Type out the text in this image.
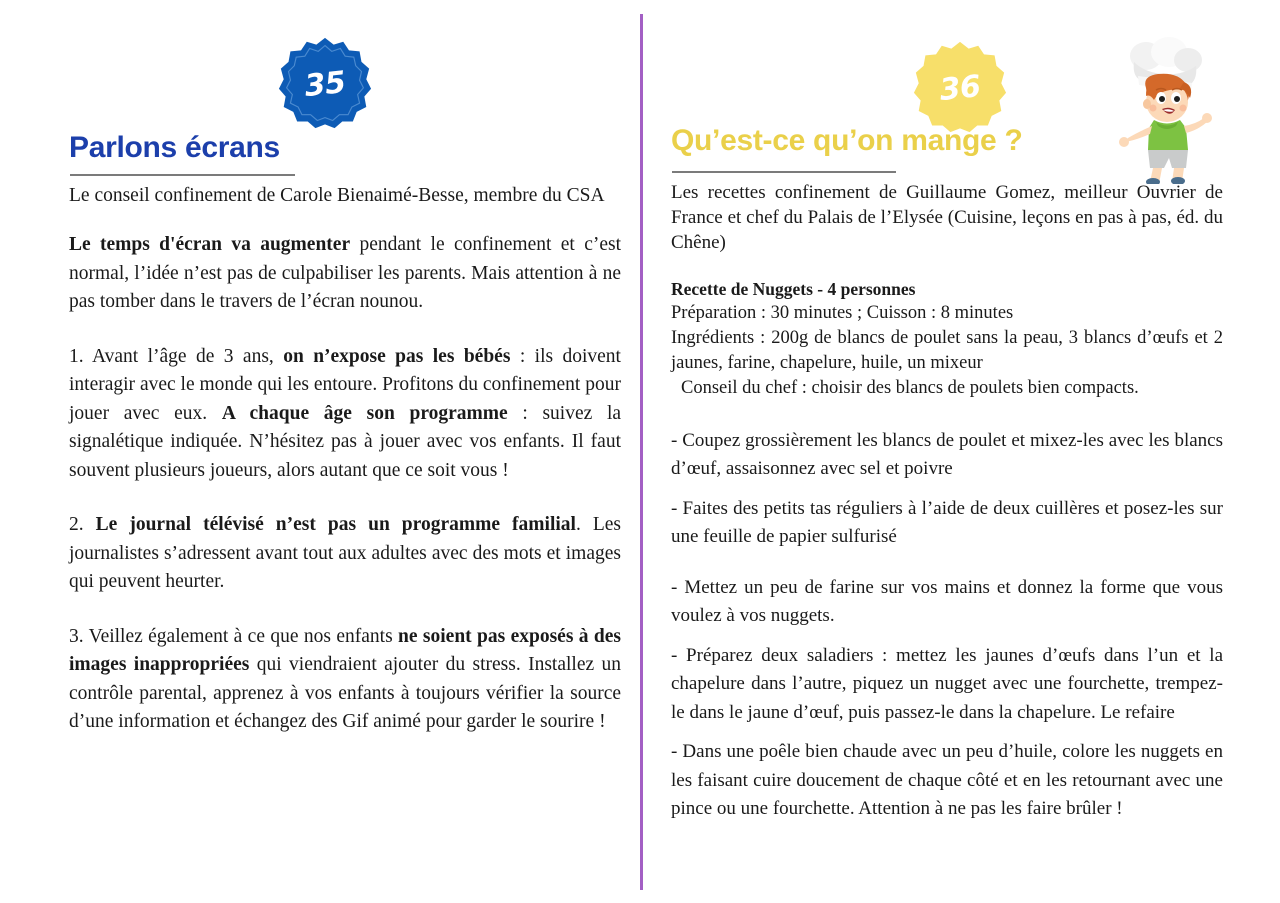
35
Parlons écrans

Le conseil confinement de Carole Bienaimé-Besse, membre du CSA

Le temps d'écran va augmenter pendant le confinement et c’est normal, l’idée n’est pas de culpabiliser les parents. Mais attention à ne pas tomber dans le travers de l’écran nounou.

1. Avant l’âge de 3 ans, on n’expose pas les bébés : ils doivent interagir avec le monde qui les entoure. Profitons du confinement pour jouer avec eux. A chaque âge son programme : suivez la signalétique indiquée. N’hésitez pas à jouer avec vos enfants. Il faut souvent plusieurs joueurs, alors autant que ce soit vous !

2. Le journal télévisé n’est pas un programme familial. Les journalistes s’adressent avant tout aux adultes avec des mots et images qui peuvent heurter.

3. Veillez également à ce que nos enfants ne soient pas exposés à des images inappropriées qui viendraient ajouter du stress. Installez un contrôle parental, apprenez à vos enfants à toujours vérifier la source d’une information et échangez des Gif animé pour garder le sourire !

36
Qu’est-ce qu’on mange ?

Les recettes confinement de Guillaume Gomez, meilleur Ouvrier de France et chef du Palais de l’Elysée (Cuisine, leçons en pas à pas, éd. du Chêne)

Recette de Nuggets - 4 personnes

Préparation : 30 minutes ; Cuisson : 8 minutes

Ingrédients : 200g de blancs de poulet sans la peau, 3 blancs d’œufs et 2 jaunes, farine, chapelure, huile, un mixeur

Conseil du chef : choisir des blancs de poulets bien compacts.

- Coupez grossièrement les blancs de poulet et mixez-les avec les blancs d’œuf, assaisonnez avec sel et poivre

- Faites des petits tas réguliers à l’aide de deux cuillères et posez-les sur une feuille de papier sulfurisé

- Mettez un peu de farine sur vos mains et donnez la forme que vous voulez à vos nuggets.

- Préparez deux saladiers : mettez les jaunes d’œufs dans l’un et la chapelure dans l’autre, piquez un nugget avec une fourchette, trempez-le dans le jaune d’œuf, puis passez-le dans la chapelure. Le refaire

- Dans une poêle bien chaude avec un peu d’huile, colore les nuggets en les faisant cuire doucement de chaque côté et en les retournant avec une pince ou une fourchette. Attention à ne pas les faire brûler !
